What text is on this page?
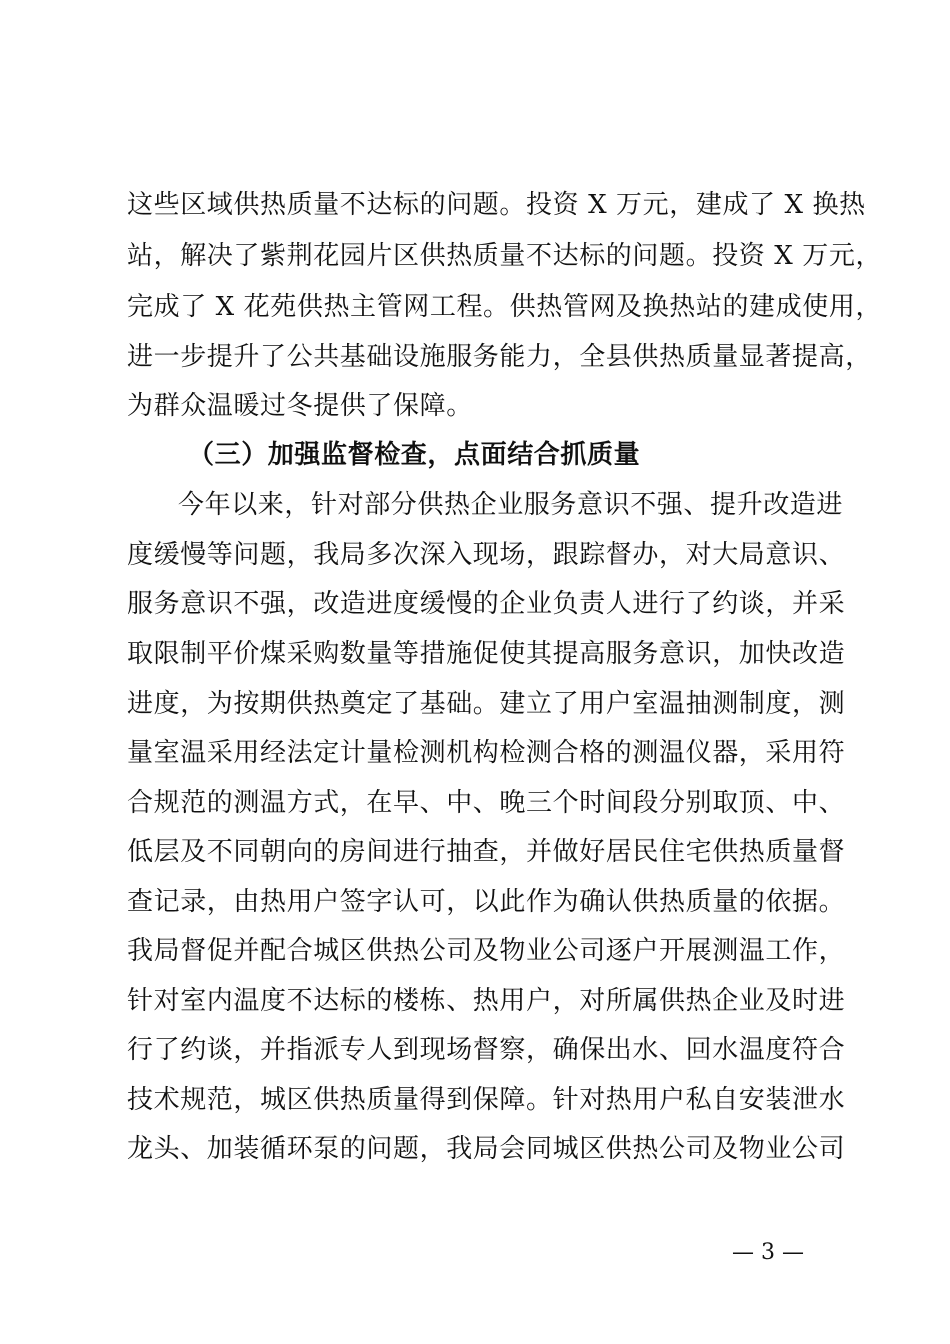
这些区域供热质量不达标的问题。投资 X 万元，建成了 X 换热
站，解决了紫荆花园片区供热质量不达标的问题。投资 X 万元，
完成了 X 花苑供热主管网工程。供热管网及换热站的建成使用，
进一步提升了公共基础设施服务能力，全县供热质量显著提高，
为群众温暖过冬提供了保障。
（三）加强监督检查，点面结合抓质量
今年以来，针对部分供热企业服务意识不强、提升改造进
度缓慢等问题，我局多次深入现场，跟踪督办，对大局意识、
服务意识不强，改造进度缓慢的企业负责人进行了约谈，并采
取限制平价煤采购数量等措施促使其提高服务意识，加快改造
进度，为按期供热奠定了基础。建立了用户室温抽测制度，测
量室温采用经法定计量检测机构检测合格的测温仪器，采用符
合规范的测温方式，在早、中、晚三个时间段分别取顶、中、
低层及不同朝向的房间进行抽查，并做好居民住宅供热质量督
查记录，由热用户签字认可，以此作为确认供热质量的依据。
我局督促并配合城区供热公司及物业公司逐户开展测温工作，
针对室内温度不达标的楼栋、热用户，对所属供热企业及时进
行了约谈，并指派专人到现场督察，确保出水、回水温度符合
技术规范，城区供热质量得到保障。针对热用户私自安装泄水
龙头、加装循环泵的问题，我局会同城区供热公司及物业公司
— 3 —
